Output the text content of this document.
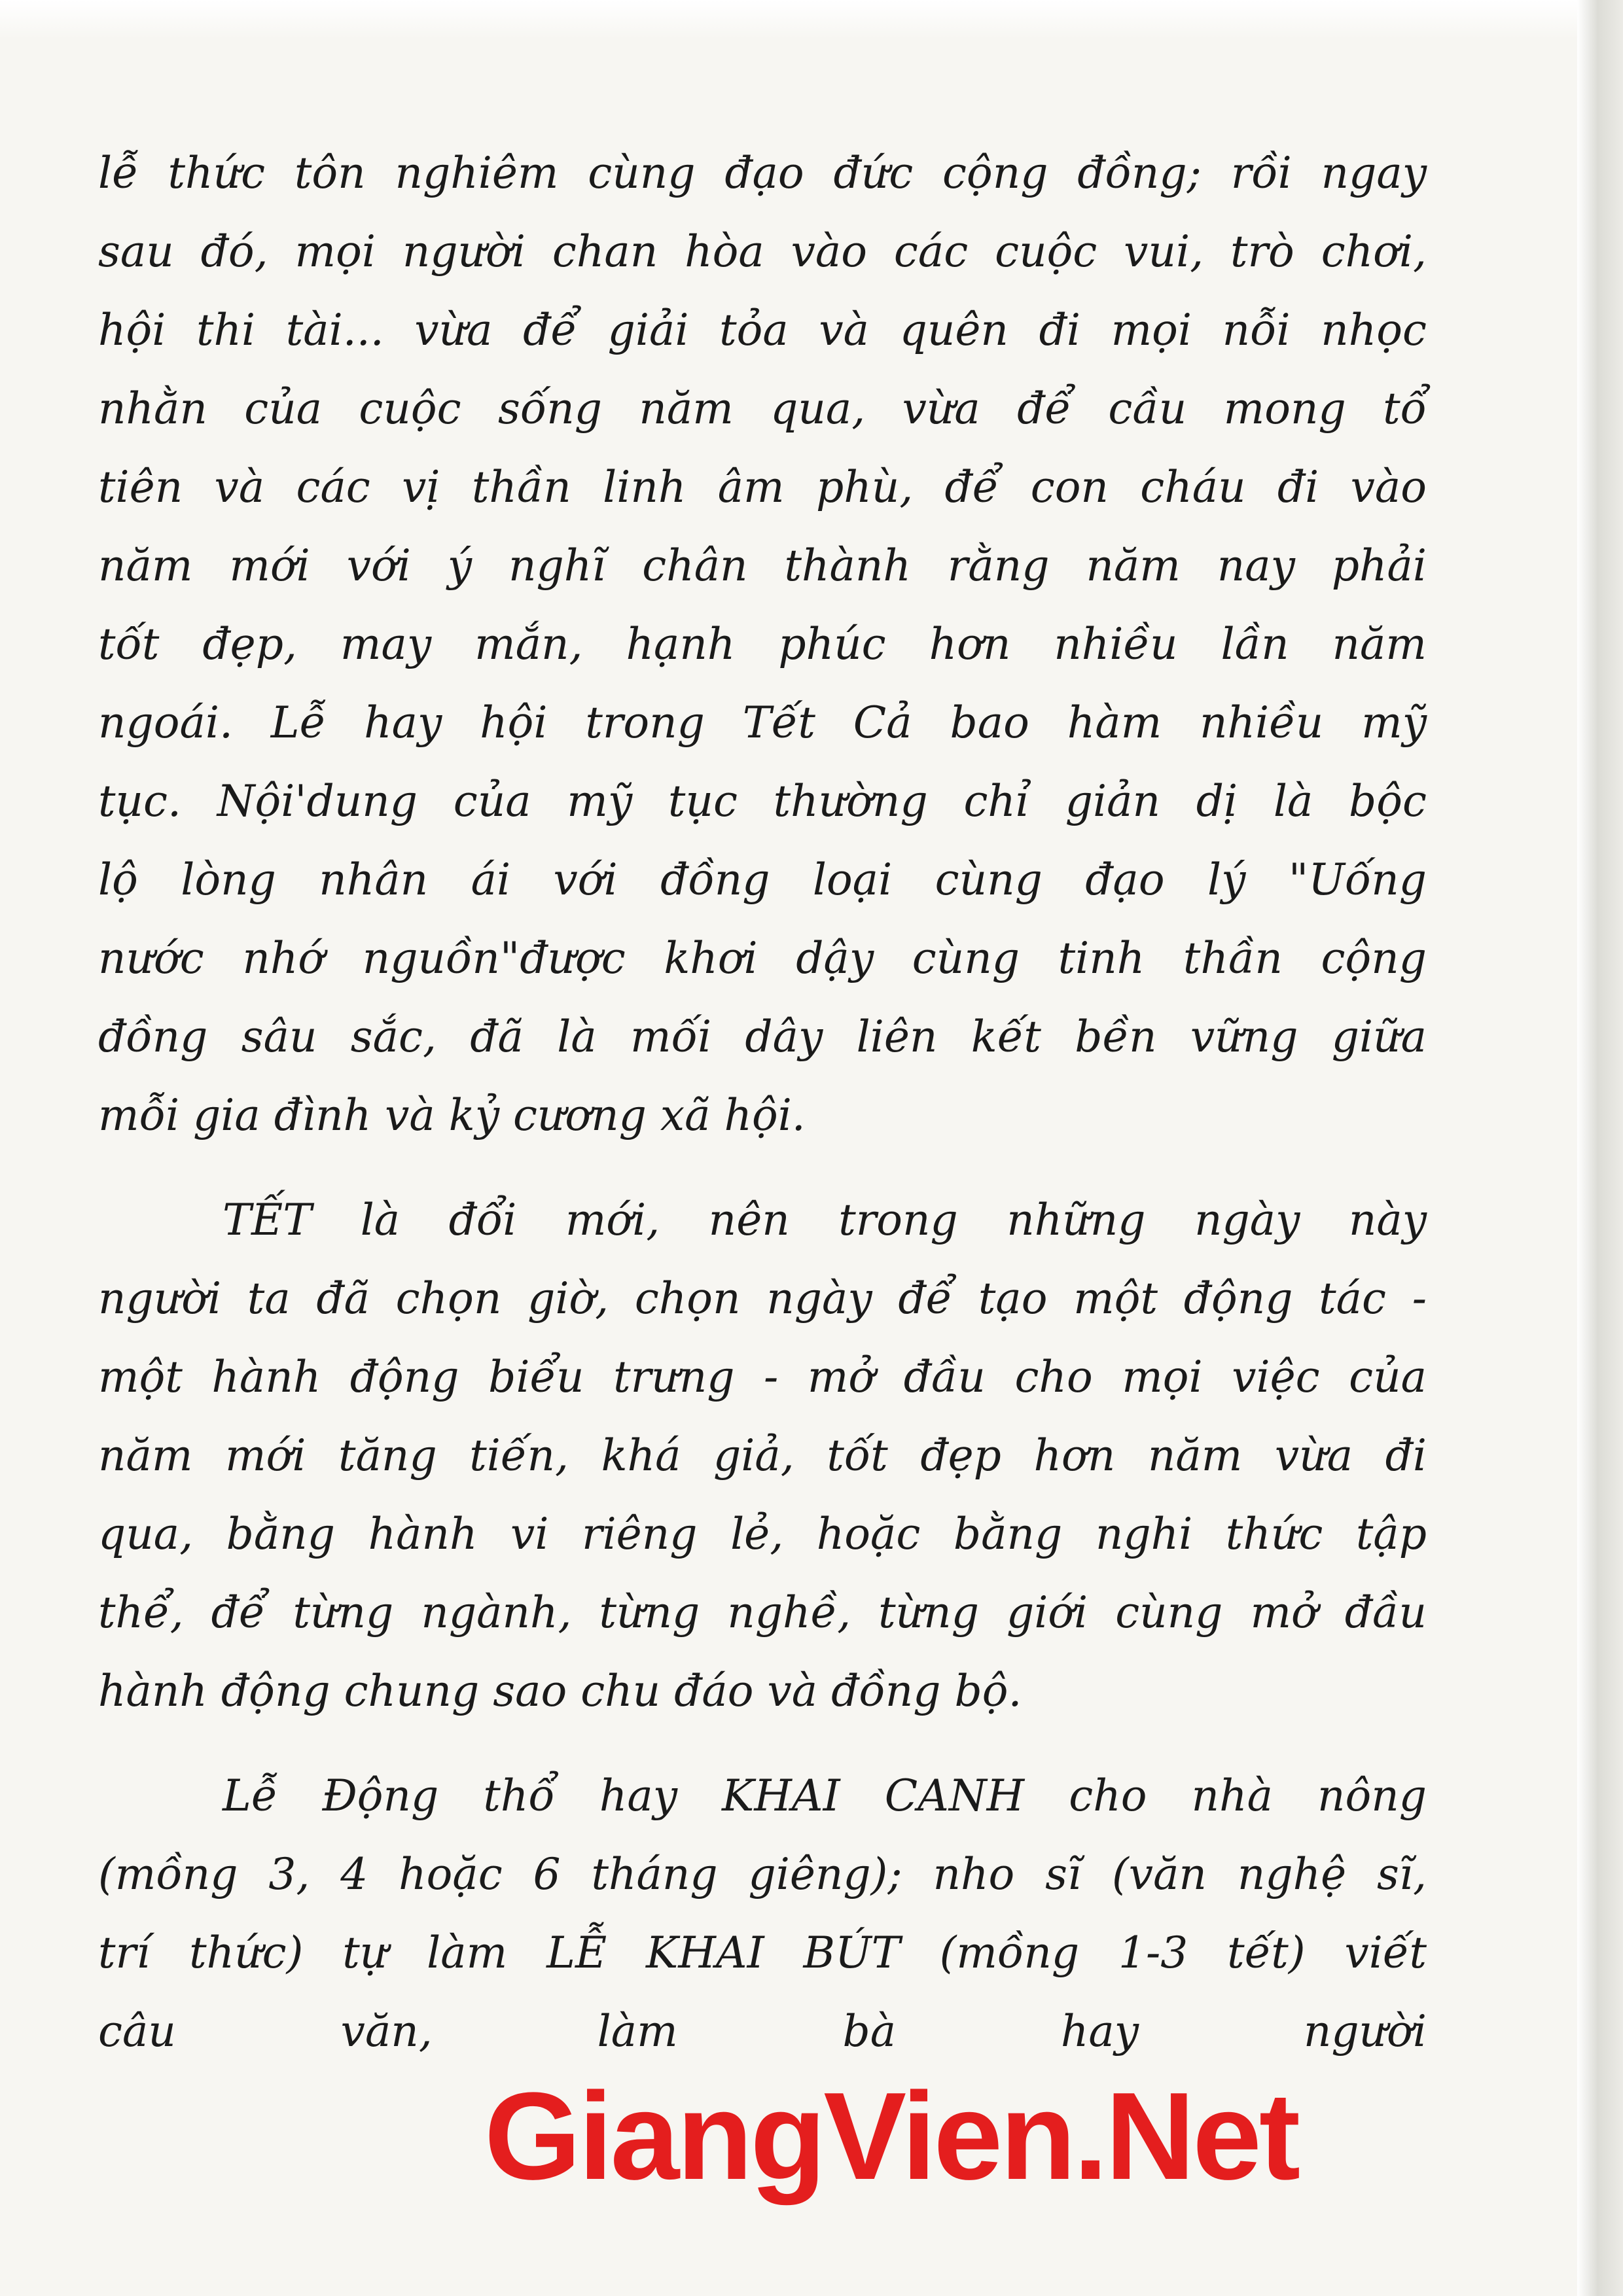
lễ thức tôn nghiêm cùng đạo đức cộng đồng; rồi ngay
sau đó, mọi người chan hòa vào các cuộc vui, trò chơi,
hội thi tài... vừa để giải tỏa và quên đi mọi nỗi nhọc
nhằn của cuộc sống năm qua, vừa để cầu mong tổ
tiên và các vị thần linh âm phù, để con cháu đi vào
năm mới với ý nghĩ chân thành rằng năm nay phải
tốt đẹp, may mắn, hạnh phúc hơn nhiều lần năm
ngoái. Lễ hay hội trong Tết Cả bao hàm nhiều mỹ
tục. Nội'dung của mỹ tục thường chỉ giản dị là bộc
lộ lòng nhân ái với đồng loại cùng đạo lý "Uống
nước nhớ nguồn"được khơi dậy cùng tinh thần cộng
đồng sâu sắc, đã là mối dây liên kết bền vững giữa
mỗi gia đình và kỷ cương xã hội.
TẾT là đổi mới, nên trong những ngày này
người ta đã chọn giờ, chọn ngày để tạo một động tác -
một hành động biểu trưng - mở đầu cho mọi việc của
năm mới tăng tiến, khá giả, tốt đẹp hơn năm vừa đi
qua, bằng hành vi riêng lẻ, hoặc bằng nghi thức tập
thể, để từng ngành, từng nghề, từng giới cùng mở đầu
hành động chung sao chu đáo và đồng bộ.
Lễ Động thổ hay KHAI CANH cho nhà nông
(mồng 3, 4 hoặc 6 tháng giêng); nho sĩ (văn nghệ sĩ,
trí thức) tự làm LỄ KHAI BÚT (mồng 1-3 tết) viết
câu văn, làm bà hay người
GiangVien.Net
